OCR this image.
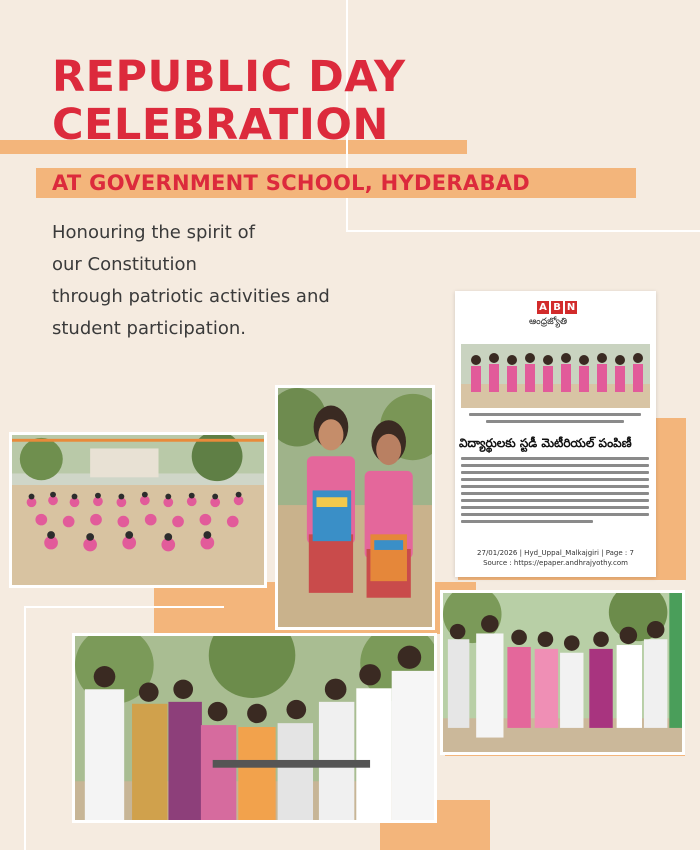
REPUBLIC DAY
CELEBRATION
AT GOVERNMENT SCHOOL, HYDERABAD
Honouring the spirit of
our Constitution
through patriotic activities and
student participation.
A B N
ఆంధ్రజ్యోతి
విద్యార్థులకు స్టడీ మెటీరియల్ పంపిణీ
27/01/2026 | Hyd_Uppal_Malkajgiri | Page : 7
Source : https://epaper.andhrajyothy.com
